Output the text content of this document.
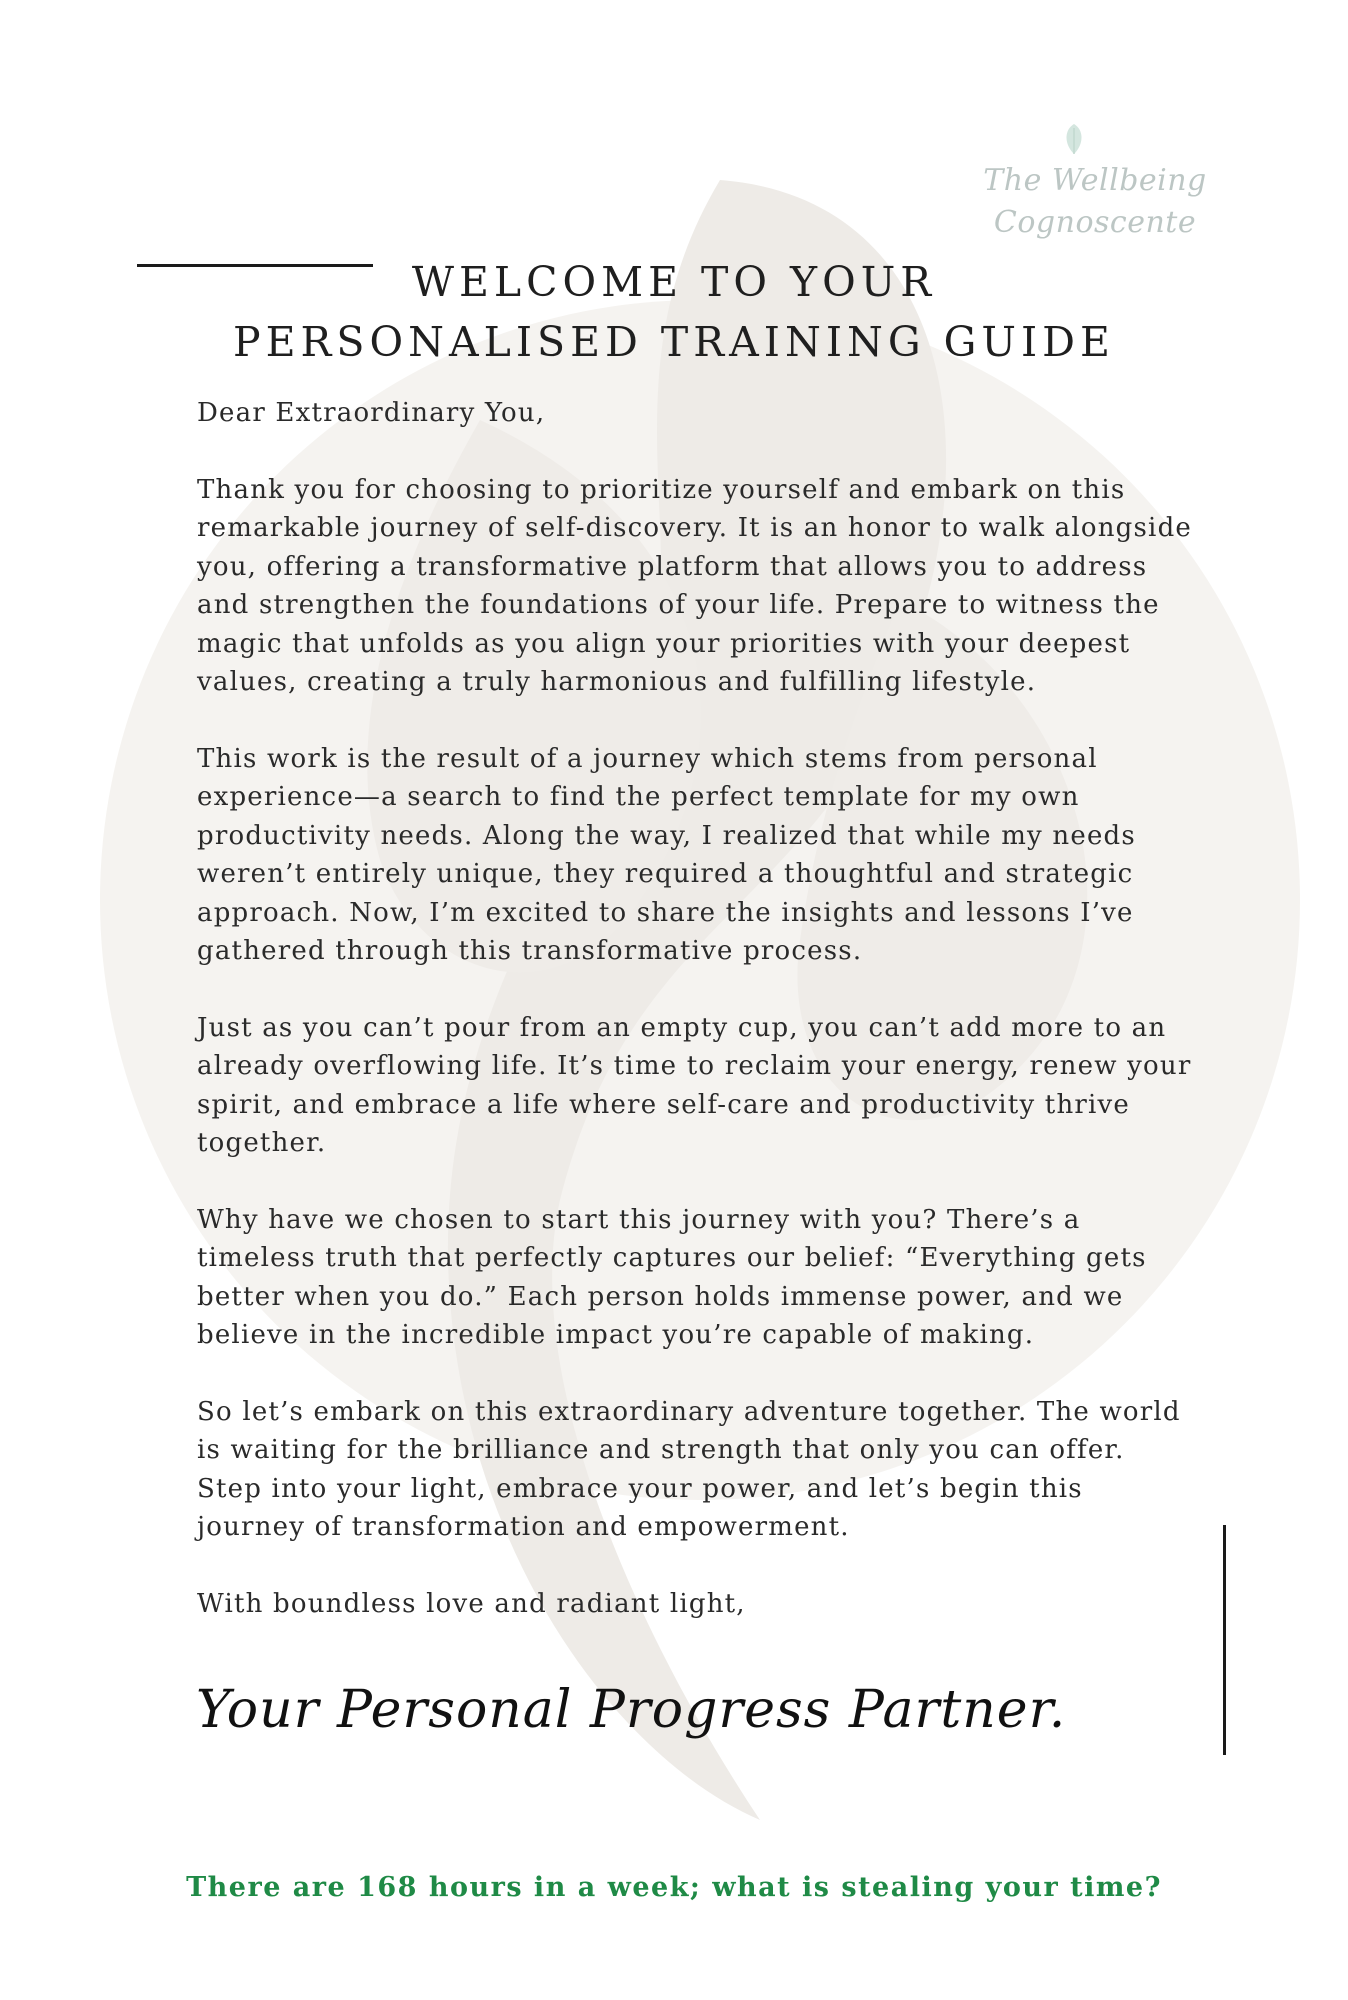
The Wellbeing
Cognoscente
WELCOME TO YOUR
PERSONALISED TRAINING GUIDE

Dear Extraordinary You,

Thank you for choosing to prioritize yourself and embark on this remarkable journey of self-discovery. It is an honor to walk alongside you, offering a transformative platform that allows you to address and strengthen the foundations of your life. Prepare to witness the magic that unfolds as you align your priorities with your deepest values, creating a truly harmonious and fulfilling lifestyle.

This work is the result of a journey which stems from personal experience—a search to find the perfect template for my own productivity needs. Along the way, I realized that while my needs weren’t entirely unique, they required a thoughtful and strategic approach. Now, I’m excited to share the insights and lessons I’ve gathered through this transformative process.

Just as you can’t pour from an empty cup, you can’t add more to an already overflowing life. It’s time to reclaim your energy, renew your spirit, and embrace a life where self-care and productivity thrive together.

Why have we chosen to start this journey with you? There’s a timeless truth that perfectly captures our belief: “Everything gets better when you do.” Each person holds immense power, and we believe in the incredible impact you’re capable of making.

So let’s embark on this extraordinary adventure together. The world is waiting for the brilliance and strength that only you can offer. Step into your light, embrace your power, and let’s begin this journey of transformation and empowerment.

With boundless love and radiant light,

Your Personal Progress Partner.
There are 168 hours in a week; what is stealing your time?
